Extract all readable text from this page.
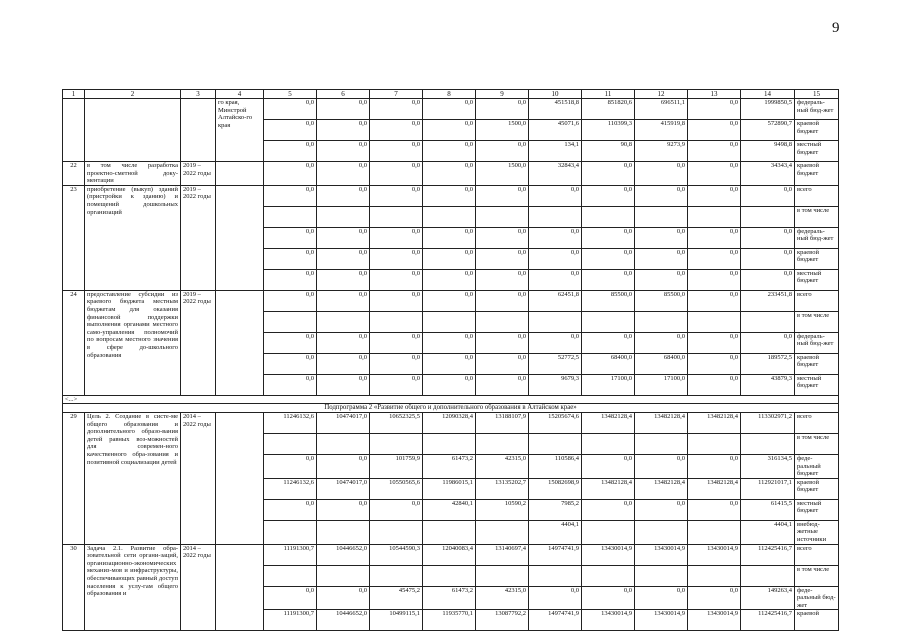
9
1	2	3	4	5	6	7	8	9	10	11	12	13	14	15
			го края, Минстрой Алтайско-го края	0,0	0,0	0,0	0,0	0,0	451518,8	851820,6	696511,1	0,0	1999850,5	федераль-ный бюд-жет
				0,0	0,0	0,0	0,0	1500,0	45071,6	110399,3	415919,8	0,0	572890,7	краевой бюджет
				0,0	0,0	0,0	0,0	0,0	134,1	90,8	9273,9	0,0	9498,8	местный бюджет
22	в том числе разработка проектно-сметной доку-ментации	2019 – 2022 годы		0,0	0,0	0,0	0,0	1500,0	32843,4	0,0	0,0	0,0	34343,4	краевой бюджет
23	приобретение (выкуп) зданий (пристройки к зданию) и помещений дошкольных организаций	2019 – 2022 годы		0,0	0,0	0,0	0,0	0,0	0,0	0,0	0,0	0,0	0,0	всего
														в том числе
				0,0	0,0	0,0	0,0	0,0	0,0	0,0	0,0	0,0	0,0	федераль-ный бюд-жет
				0,0	0,0	0,0	0,0	0,0	0,0	0,0	0,0	0,0	0,0	краевой бюджет
				0,0	0,0	0,0	0,0	0,0	0,0	0,0	0,0	0,0	0,0	местный бюджет
24	предоставление субсидии из краевого бюджета местным бюджетам для оказания финансовой поддержки выполнения органами местного само-управления полномочий по вопросам местного значения в сфере до-школьного образования	2019 – 2022 годы		0,0	0,0	0,0	0,0	0,0	62451,8	85500,0	85500,0	0,0	233451,8	всего
														в том числе
				0,0	0,0	0,0	0,0	0,0	0,0	0,0	0,0	0,0	0,0	федераль-ный бюд-жет
				0,0	0,0	0,0	0,0	0,0	52772,5	68400,0	68400,0	0,0	189572,5	краевой бюджет
				0,0	0,0	0,0	0,0	0,0	9679,3	17100,0	17100,0	0,0	43879,3	местный бюджет
<...>														
Подпрограмма 2 «Развитие общего и дополнительного образования в Алтайском крае»														
29	Цель 2. Создание в систе-ме общего образования и дополнительного образо-вания детей равных воз-можностей для современ-ного качественного обра-зования и позитивной социализации детей	2014 – 2022 годы		11246132,6	10474017,0	10652325,5	12090328,4	13188107,9	15205674,6	13482128,4	13482128,4	13482128,4	113302971,2	всего
														в том числе
				0,0	0,0	101759,9	61473,2	42315,0	110586,4	0,0	0,0	0,0	316134,5	феде-ральный бюджет
				11246132,6	10474017,0	10550565,6	11986015,1	13135202,7	15082698,9	13482128,4	13482128,4	13482128,4	112921017,1	краевой бюджет
				0,0	0,0	0,0	42840,1	10590,2	7985,2	0,0	0,0	0,0	61415,5	местный бюджет
									4404,1				4404,1	внебюд-жетные источники
30	Задача 2.1. Развитие обра-зовательной сети органи-заций, организационно-экономических механиз-мов и инфраструктуры, обеспечивающих равный доступ населения к услу-гам общего образования и	2014 – 2022 годы		11191300,7	10446652,0	10544590,3	12040083,4	13140697,4	14974741,9	13430014,9	13430014,9	13430014,9	112425416,7	всего
														в том числе
				0,0	0,0	45475,2	61473,2	42315,0	0,0	0,0	0,0	0,0	149263,4	феде-ральный бюд-жет
				11191300,7	10446652,0	10499115,1	11935770,1	13087792,2	14974741,9	13430014,9	13430014,9	13430014,9	112425416,7	краевой
